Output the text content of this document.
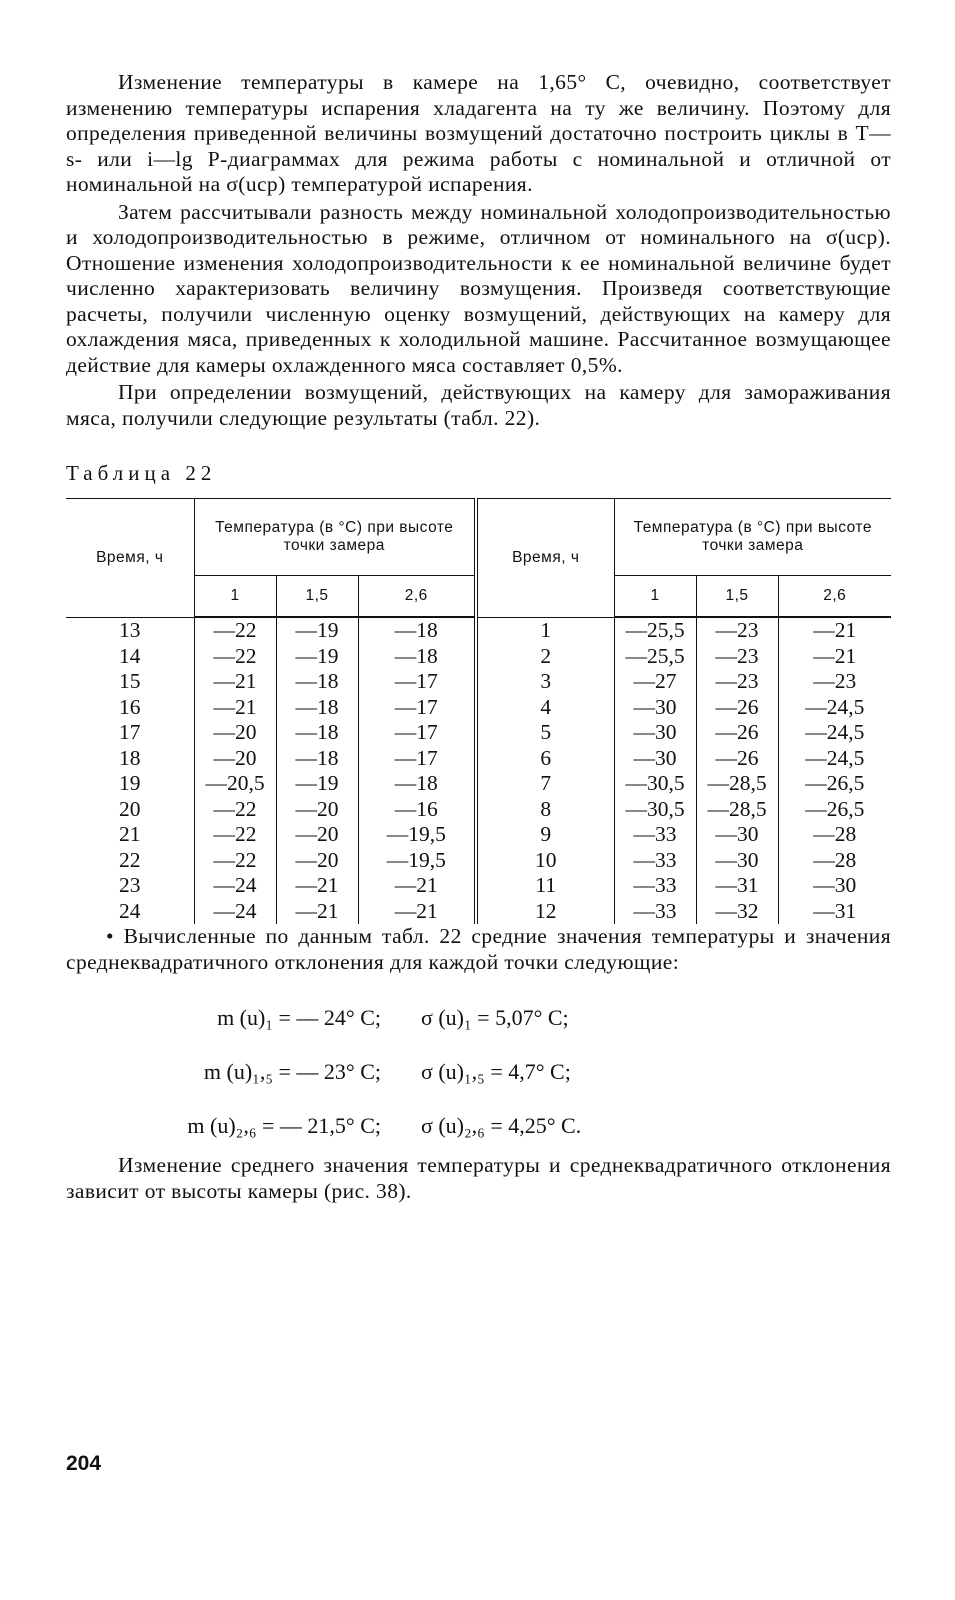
Изменение температуры в камере на 1,65° С, очевидно, соответствует изменению температуры испарения хладагента на ту же величину. Поэтому для определения приведенной величины возмущений достаточно построить циклы в T—s- или i—lg P-диаграммах для режима работы с номинальной и отличной от номинальной на σ(uср) температурой испарения.

Затем рассчитывали разность между номинальной холодопроизводительностью и холодопроизводительностью в режиме, отличном от номинального на σ(uср). Отношение изменения холодопроизводительности к ее номинальной величине будет численно характеризовать величину возмущения. Произведя соответствующие расчеты, получили численную оценку возмущений, действующих на камеру для охлаждения мяса, приведенных к холодильной машине. Рассчитанное возмущающее действие для камеры охлажденного мяса составляет 0,5%.

При определении возмущений, действующих на камеру для замораживания мяса, получили следующие результаты (табл. 22).

Таблица 22
Время, ч	Температура (в °С) при высоте точки замера			Время, ч	Температура (в °С) при высоте точки замера		
	1	1,5	2,6		1	1,5	2,6

13	—22	—19	—18	1	—25,5	—23	—21
14	—22	—19	—18	2	—25,5	—23	—21
15	—21	—18	—17	3	—27	—23	—23
16	—21	—18	—17	4	—30	—26	—24,5
17	—20	—18	—17	5	—30	—26	—24,5
18	—20	—18	—17	6	—30	—26	—24,5
19	—20,5	—19	—18	7	—30,5	—28,5	—26,5
20	—22	—20	—16	8	—30,5	—28,5	—26,5
21	—22	—20	—19,5	9	—33	—30	—28
22	—22	—20	—19,5	10	—33	—30	—28
23	—24	—21	—21	11	—33	—31	—30
24	—24	—21	—21	12	—33	—32	—31

• Вычисленные по данным табл. 22 средние значения температуры и значения среднеквадратичного отклонения для каждой точки следующие:

m (u)₁ = — 24° С;	σ (u)₁ = 5,07° С;
m (u)₁,₅ = — 23° С;	σ (u)₁,₅ = 4,7° С;
m (u)₂,₆ = — 21,5° С;	σ (u)₂,₆ = 4,25° С.

Изменение среднего значения температуры и среднеквадратичного отклонения зависит от высоты камеры (рис. 38).

204
